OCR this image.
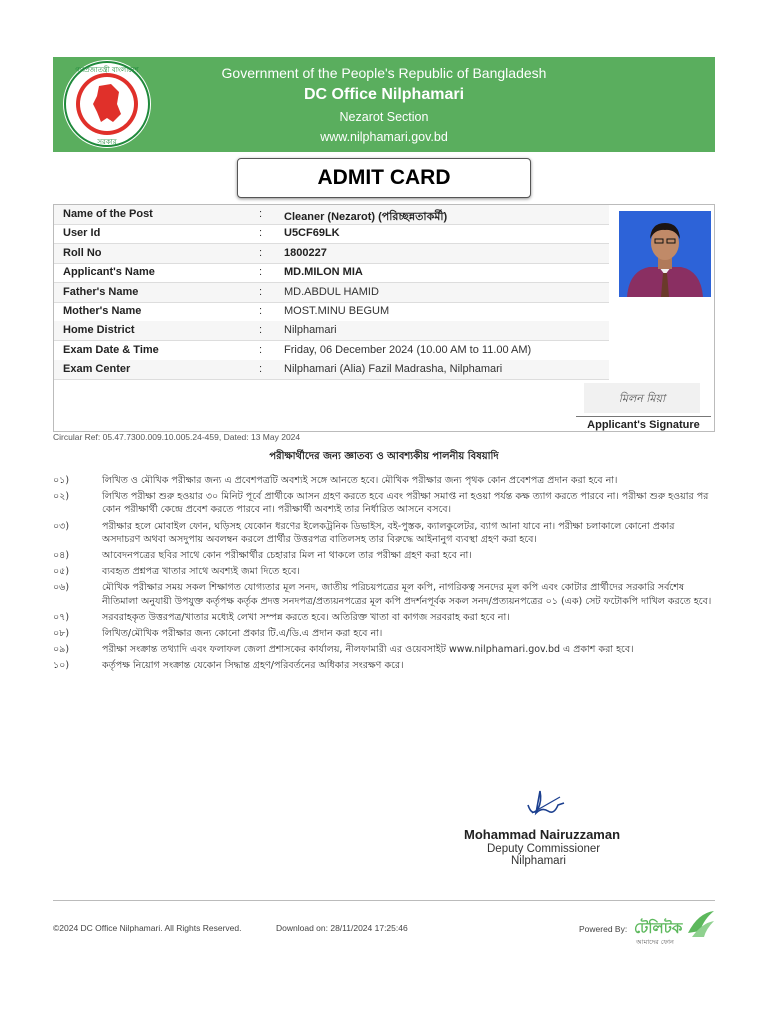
গণপ্রজাতন্ত্রী বাংলাদেশ
সরকার
Government of the People's Republic of Bangladesh
DC Office Nilphamari
Nezarot Section
www.nilphamari.gov.bd
ADMIT CARD
Name of the Post	: Cleaner (Nezarot) (পরিচ্ছন্নতাকর্মী)
User Id	: U5CF69LK
Roll No	: 1800227
Applicant's Name	: MD.MILON MIA
Father's Name	: MD.ABDUL HAMID
Mother's Name	: MOST.MINU BEGUM
Home District	: Nilphamari
Exam Date & Time	: Friday, 06 December 2024 (10.00 AM to 11.00 AM)
Exam Center	: Nilphamari (Alia) Fazil Madrasha, Nilphamari
মিলন মিয়া
Applicant's Signature
Circular Ref: 05.47.7300.009.10.005.24-459, Dated: 13 May 2024
পরীক্ষার্থীদের জন্য জ্ঞাতব্য ও আবশ্যকীয় পালনীয় বিষয়াদি
০১)	লিখিত ও মৌখিক পরীক্ষার জন্য এ প্রবেশপত্রটি অবশ্যই সঙ্গে আনতে হবে। মৌখিক পরীক্ষার জন্য পৃথক কোন প্রবেশপত্র প্রদান করা হবে না।
০২)	লিখিত পরীক্ষা শুরু হওয়ার ৩০ মিনিট পূর্বে প্রার্থীকে আসন গ্রহণ করতে হবে এবং পরীক্ষা সমাপ্ত না হওয়া পর্যন্ত কক্ষ ত্যাগ করতে পারবে না। পরীক্ষা শুরু হওয়ার পর কোন পরীক্ষার্থী কেন্দ্রে প্রবেশ করতে পারবে না। পরীক্ষার্থী অবশ্যই তার নির্ধারিত আসনে বসবে।
০৩)	পরীক্ষার হলে মোবাইল ফোন, ঘড়িসহ যেকোন ধরণের ইলেকট্রনিক ডিভাইস, বই-পুস্তক, ক্যালকুলেটর, ব্যাগ আনা যাবে না। পরীক্ষা চলাকালে কোনো প্রকার অসদাচরণ অথবা অসদুপায় অবলম্বন করলে প্রার্থীর উত্তরপত্র বাতিলসহ তার বিরুদ্ধে আইনানুগ ব্যবস্থা গ্রহণ করা হবে।
০৪)	আবেদনপত্রের ছবির সাথে কোন পরীক্ষার্থীর চেহারার মিল না থাকলে তার পরীক্ষা গ্রহণ করা হবে না।
০৫)	ব্যবহৃত প্রশ্নপত্র খাতার সাথে অবশ্যই জমা দিতে হবে।
০৬)	মৌখিক পরীক্ষার সময় সকল শিক্ষাগত যোগ্যতার মূল সনদ, জাতীয় পরিচয়পত্রের মূল কপি, নাগরিকত্ব সনদের মূল কপি এবং কোটার প্রার্থীদের সরকারি সর্বশেষ নীতিমালা অনুযায়ী উপযুক্ত কর্তৃপক্ষ কর্তৃক প্রদত্ত সনদপত্র/প্রত্যয়নপত্রের মূল কপি প্রদর্শনপূর্বক সকল সনদ/প্রত্যয়নপত্রের ০১ (এক) সেট ফটোকপি দাখিল করতে হবে।
০৭)	সরবরাহকৃত উত্তরপত্র/খাতার মধ্যেই লেখা সম্পন্ন করতে হবে। অতিরিক্ত খাতা বা কাগজ সরবরাহ করা হবে না।
০৮)	লিখিত/মৌখিক পরীক্ষার জন্য কোনো প্রকার টি.এ/ডি.এ প্রদান করা হবে না।
০৯)	পরীক্ষা সংক্রান্ত তথ্যাদি এবং ফলাফল জেলা প্রশাসকের কার্যালয়, নীলফামারী এর ওয়েবসাইট www.nilphamari.gov.bd এ প্রকাশ করা হবে।
১০)	কর্তৃপক্ষ নিয়োগ সংক্রান্ত যেকোন সিদ্ধান্ত গ্রহণ/পরিবর্তনের অধিকার সংরক্ষণ করে।
Mohammad Nairuzzaman
Deputy Commissioner
Nilphamari
©2024 DC Office Nilphamari. All Rights Reserved.	Download on: 28/11/2024 17:25:46	Powered By: টেলিটক
আমাদের ফোন
